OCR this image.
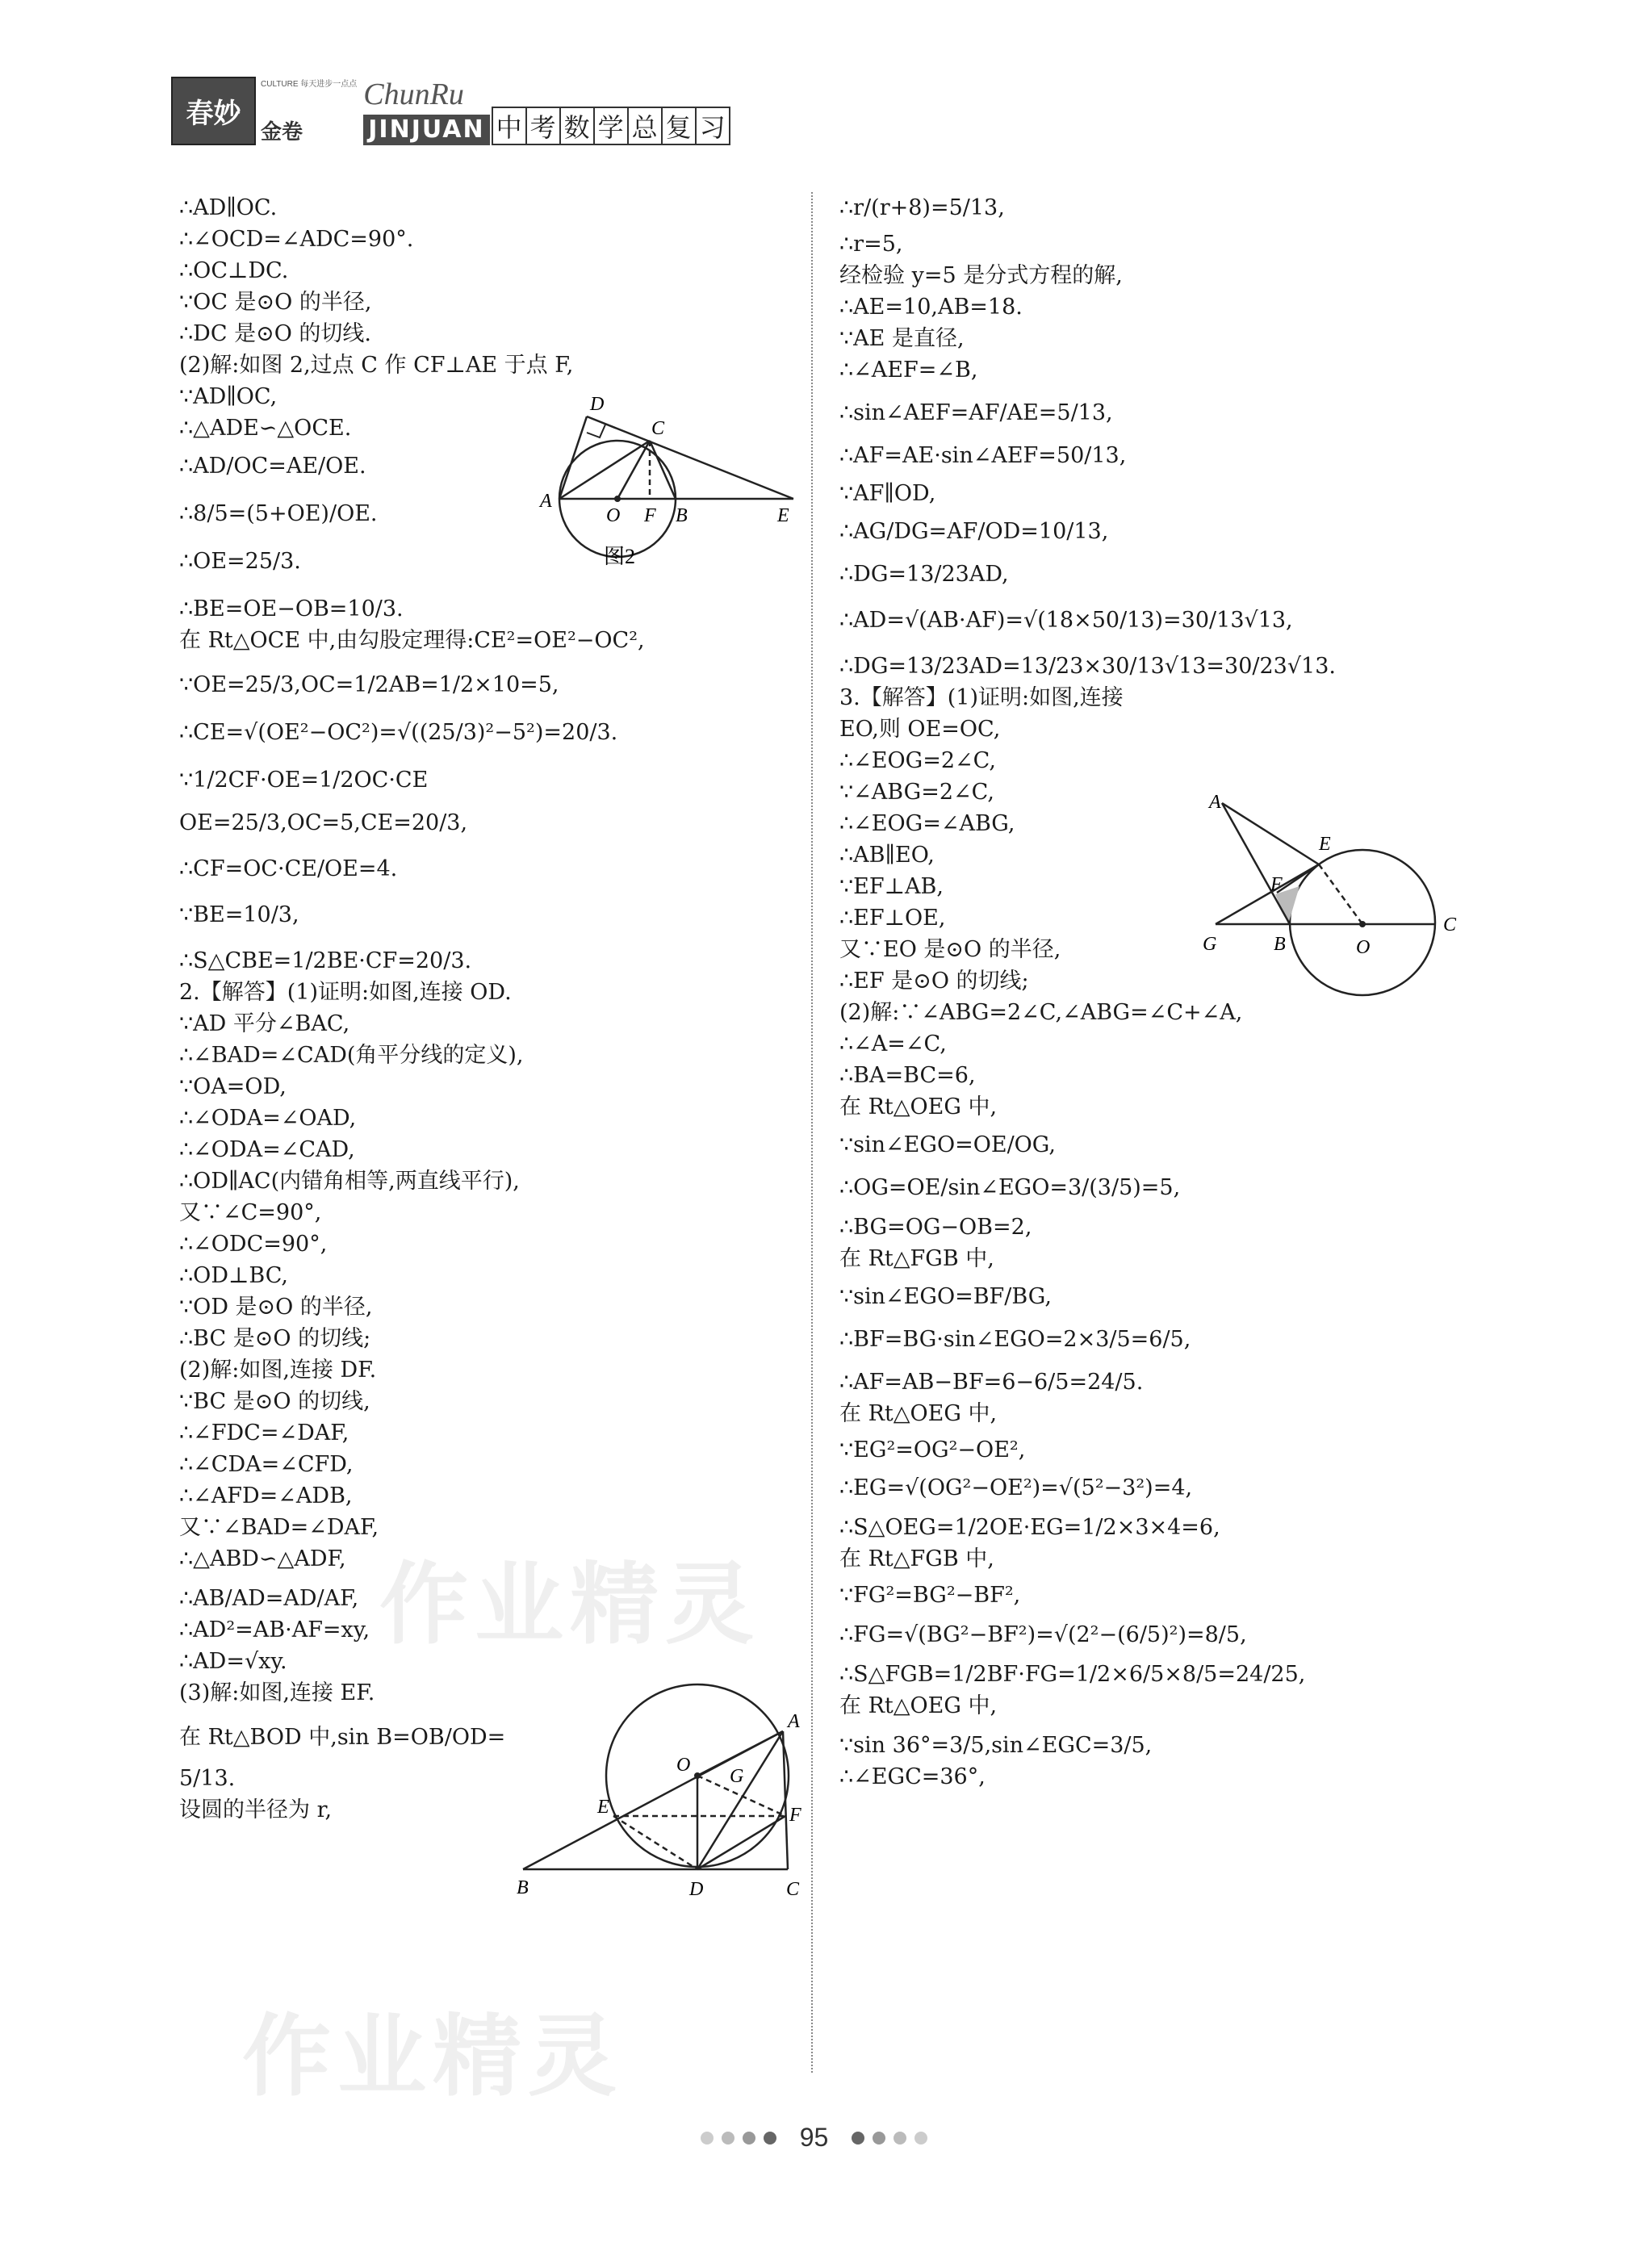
春妙
CULTURE 每天进步一点点
金卷
ChunRu
JINJUAN 中 考 数 学 总 复 习
∴AD∥OC.
∴∠OCD=∠ADC=90°.
∴OC⊥DC.
∵OC 是⊙O 的半径,
∴DC 是⊙O 的切线.
(2)解:如图 2,过点 C 作 CF⊥AE 于点 F,
∵AD∥OC,
∴△ADE∽△OCE.
∴AD/OC=AE/OE.
∴8/5=(5+OE)/OE.
∴OE=25/3.
∴BE=OE−OB=10/3.
在 Rt△OCE 中,由勾股定理得:CE²=OE²−OC²,
∵OE=25/3,OC=1/2AB=1/2×10=5,
∴CE=√(OE²−OC²)=√((25/3)²−5²)=20/3.
∵1/2CF·OE=1/2OC·CE
OE=25/3,OC=5,CE=20/3,
∴CF=OC·CE/OE=4.
∵BE=10/3,
∴S△CBE=1/2BE·CF=20/3.
2.【解答】(1)证明:如图,连接 OD.
∵AD 平分∠BAC,
∴∠BAD=∠CAD(角平分线的定义),
∵OA=OD,
∴∠ODA=∠OAD,
∴∠ODA=∠CAD,
∴OD∥AC(内错角相等,两直线平行),
又∵∠C=90°,
∴∠ODC=90°,
∴OD⊥BC,
∵OD 是⊙O 的半径,
∴BC 是⊙O 的切线;
(2)解:如图,连接 DF.
∵BC 是⊙O 的切线,
∴∠FDC=∠DAF,
∴∠CDA=∠CFD,
∴∠AFD=∠ADB,
又∵∠BAD=∠DAF,
∴△ABD∽△ADF,
∴AB/AD=AD/AF,
∴AD²=AB·AF=xy,
∴AD=√xy.
(3)解:如图,连接 EF.
在 Rt△BOD 中,sin B=OB/OD=
5/13.
设圆的半径为 r,
∴r/(r+8)=5/13,
∴r=5,
经检验 y=5 是分式方程的解,
∴AE=10,AB=18.
∵AE 是直径,
∴∠AEF=∠B,
∴sin∠AEF=AF/AE=5/13,
∴AF=AE·sin∠AEF=50/13,
∵AF∥OD,
∴AG/DG=AF/OD=10/13,
∴DG=13/23AD,
∴AD=√(AB·AF)=√(18×50/13)=30/13√13,
∴DG=13/23AD=13/23×30/13√13=30/23√13.
3.【解答】(1)证明:如图,连接
EO,则 OE=OC,
∴∠EOG=2∠C,
∵∠ABG=2∠C,
∴∠EOG=∠ABG,
∴AB∥EO,
∵EF⊥AB,
∴EF⊥OE,
又∵EO 是⊙O 的半径,
∴EF 是⊙O 的切线;
(2)解:∵∠ABG=2∠C,∠ABG=∠C+∠A,
∴∠A=∠C,
∴BA=BC=6,
在 Rt△OEG 中,
∵sin∠EGO=OE/OG,
∴OG=OE/sin∠EGO=3/(3/5)=5,
∴BG=OG−OB=2,
在 Rt△FGB 中,
∵sin∠EGO=BF/BG,
∴BF=BG·sin∠EGO=2×3/5=6/5,
∴AF=AB−BF=6−6/5=24/5.
在 Rt△OEG 中,
∵EG²=OG²−OE²,
∴EG=√(OG²−OE²)=√(5²−3²)=4,
∴S△OEG=1/2OE·EG=1/2×3×4=6,
在 Rt△FGB 中,
∵FG²=BG²−BF²,
∴FG=√(BG²−BF²)=√(2²−(6/5)²)=8/5,
∴S△FGB=1/2BF·FG=1/2×6/5×8/5=24/25,
在 Rt△OEG 中,
∵sin 36°=3/5,sin∠EGC=3/5,
∴∠EGC=36°,
D
C
A
O F B	E
图2
A
E
F
G	B	O
C
O
G
A
E	F
B	D	C
作业精灵
作业精灵
95
